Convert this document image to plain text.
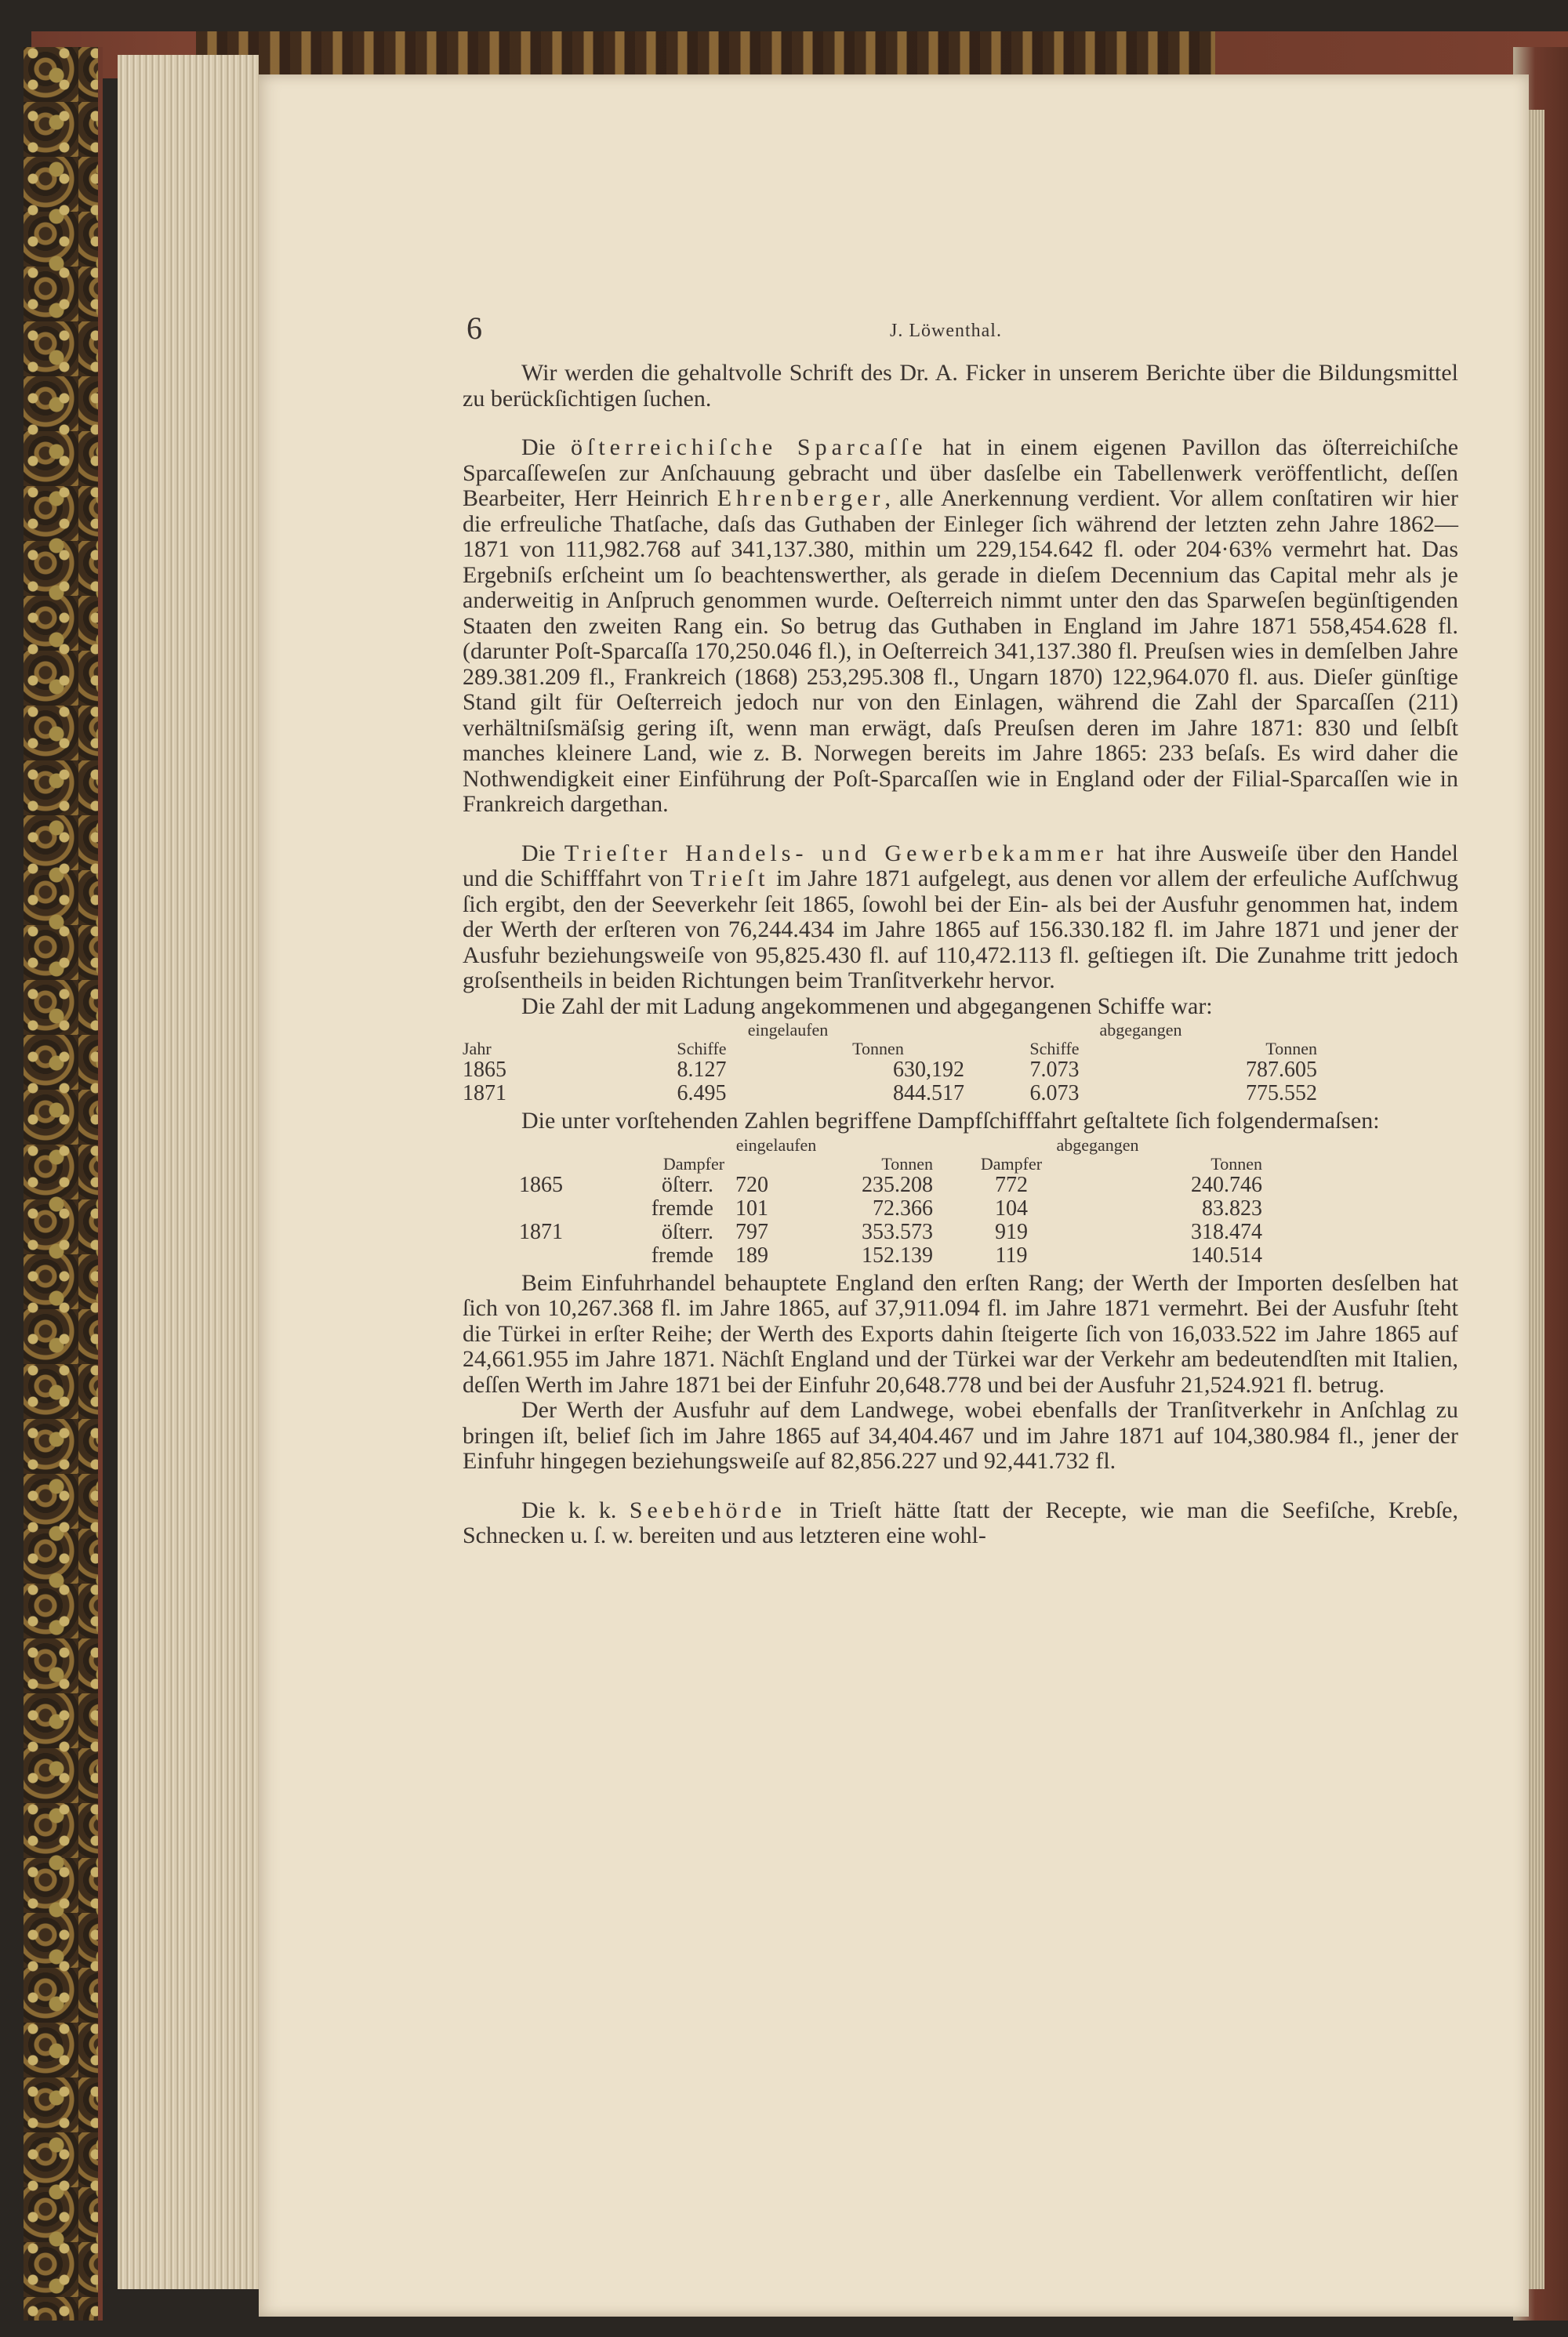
6	J. Löwenthal.

Wir werden die gehaltvolle Schrift des Dr. A. Ficker in unserem Berichte über die Bildungsmittel zu berückſichtigen ſuchen.

Die öſterreichiſche Sparcaſſe hat in einem eigenen Pavillon das öſterreichiſche Sparcaſſeweſen zur Anſchauung gebracht und über dasſelbe ein Tabellenwerk veröffentlicht, deſſen Bearbeiter, Herr Heinrich Ehrenberger, alle Anerkennung verdient. Vor allem conſtatiren wir hier die erfreuliche Thatſache, daſs das Guthaben der Einleger ſich während der letzten zehn Jahre 1862—1871 von 111,982.768 auf 341,137.380, mithin um 229,154.642 fl. oder 204·63% vermehrt hat. Das Ergebniſs erſcheint um ſo beachtenswerther, als gerade in dieſem Decennium das Capital mehr als je anderweitig in Anſpruch genommen wurde. Oeſterreich nimmt unter den das Sparweſen begünſtigenden Staaten den zweiten Rang ein. So betrug das Guthaben in England im Jahre 1871 558,454.628 fl. (darunter Poſt-Sparcaſſa 170,250.046 fl.), in Oeſterreich 341,137.380 fl. Preuſsen wies in demſelben Jahre 289.381.209 fl., Frankreich (1868) 253,295.308 fl., Ungarn 1870) 122,964.070 fl. aus. Dieſer günſtige Stand gilt für Oeſterreich jedoch nur von den Einlagen, während die Zahl der Sparcaſſen (211) verhältniſsmäſsig gering iſt, wenn man erwägt, daſs Preuſsen deren im Jahre 1871: 830 und ſelbſt manches kleinere Land, wie z. B. Norwegen bereits im Jahre 1865: 233 beſaſs. Es wird daher die Nothwendigkeit einer Einführung der Poſt-Sparcaſſen wie in England oder der Filial-Sparcaſſen wie in Frankreich dargethan.

Die Trieſter Handels- und Gewerbekammer hat ihre Ausweiſe über den Handel und die Schifffahrt von Trieſt im Jahre 1871 aufgelegt, aus denen vor allem der erfeuliche Aufſchwug ſich ergibt, den der Seeverkehr ſeit 1865, ſowohl bei der Ein- als bei der Ausfuhr genommen hat, indem der Werth der erſteren von 76,244.434 im Jahre 1865 auf 156.330.182 fl. im Jahre 1871 und jener der Ausfuhr beziehungsweiſe von 95,825.430 fl. auf 110,472.113 fl. geſtiegen iſt. Die Zunahme tritt jedoch groſsentheils in beiden Richtungen beim Tranſitverkehr hervor.

Die Zahl der mit Ladung angekommenen und abgegangenen Schiffe war:

	eingelaufen		abgegangen		
Jahr	Schiffe	Tonnen	Schiffe	Tonnen	
1865	8.127	630,192	7.073	787.605	
1871	6.495	844.517	6.073	775.552	

Die unter vorſtehenden Zahlen begriffene Dampfſchifffahrt geſtaltete ſich folgendermaſsen:

	eingelaufen			abgegangen		
	Dampfer		Tonnen	Dampfer	Tonnen	
1865	öſterr.	720	235.208	772	240.746	
	fremde	101	72.366	104	83.823	
1871	öſterr.	797	353.573	919	318.474	
	fremde	189	152.139	119	140.514	

Beim Einfuhrhandel behauptete England den erſten Rang; der Werth der Importen desſelben hat ſich von 10,267.368 fl. im Jahre 1865, auf 37,911.094 fl. im Jahre 1871 vermehrt. Bei der Ausfuhr ſteht die Türkei in erſter Reihe; der Werth des Exports dahin ſteigerte ſich von 16,033.522 im Jahre 1865 auf 24,661.955 im Jahre 1871. Nächſt England und der Türkei war der Verkehr am bedeutendſten mit Italien, deſſen Werth im Jahre 1871 bei der Einfuhr 20,648.778 und bei der Ausfuhr 21,524.921 fl. betrug.

Der Werth der Ausfuhr auf dem Landwege, wobei ebenfalls der Tranſitverkehr in Anſchlag zu bringen iſt, belief ſich im Jahre 1865 auf 34,404.467 und im Jahre 1871 auf 104,380.984 fl., jener der Einfuhr hingegen beziehungsweiſe auf 82,856.227 und 92,441.732 fl.

Die k. k. Seebehörde in Trieſt hätte ſtatt der Recepte, wie man die Seefiſche, Krebſe, Schnecken u. ſ. w. bereiten und aus letzteren eine wohl-
